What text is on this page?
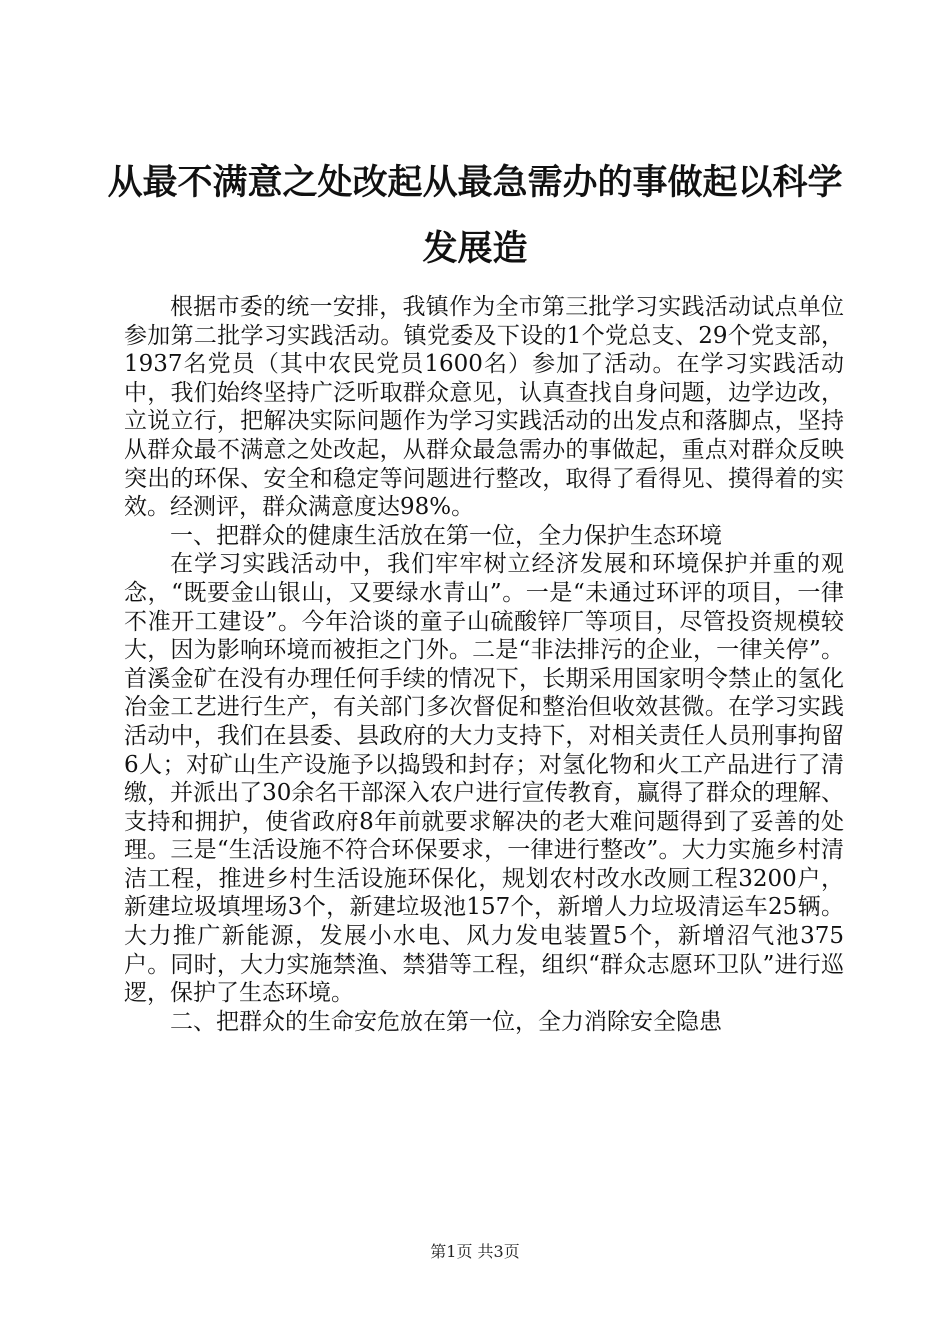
从最不满意之处改起从最急需办的事做起以科学发展造

根据市委的统一安排，我镇作为全市第三批学习实践活动试点单位参加第二批学习实践活动。镇党委及下设的1个党总支、29个党支部，1937名党员（其中农民党员1600名）参加了活动。在学习实践活动中，我们始终坚持广泛听取群众意见，认真查找自身问题，边学边改，立说立行，把解决实际问题作为学习实践活动的出发点和落脚点，坚持从群众最不满意之处改起，从群众最急需办的事做起，重点对群众反映突出的环保、安全和稳定等问题进行整改，取得了看得见、摸得着的实效。经测评，群众满意度达98%。

一、把群众的健康生活放在第一位，全力保护生态环境

在学习实践活动中，我们牢牢树立经济发展和环境保护并重的观念，“既要金山银山，又要绿水青山”。一是“未通过环评的项目，一律不准开工建设”。今年洽谈的童子山硫酸锌厂等项目，尽管投资规模较大，因为影响环境而被拒之门外。二是“非法排污的企业，一律关停”。首溪金矿在没有办理任何手续的情况下，长期采用国家明令禁止的氢化冶金工艺进行生产，有关部门多次督促和整治但收效甚微。在学习实践活动中，我们在县委、县政府的大力支持下，对相关责任人员刑事拘留6人；对矿山生产设施予以捣毁和封存；对氢化物和火工产品进行了清缴，并派出了30余名干部深入农户进行宣传教育，赢得了群众的理解、支持和拥护，使省政府8年前就要求解决的老大难问题得到了妥善的处理。三是“生活设施不符合环保要求，一律进行整改”。大力实施乡村清洁工程，推进乡村生活设施环保化，规划农村改水改厕工程3200户，新建垃圾填埋场3个，新建垃圾池157个，新增人力垃圾清运车25辆。大力推广新能源，发展小水电、风力发电装置5个，新增沼气池375户。同时，大力实施禁渔、禁猎等工程，组织“群众志愿环卫队”进行巡逻，保护了生态环境。

二、把群众的生命安危放在第一位，全力消除安全隐患

第1页 共3页
